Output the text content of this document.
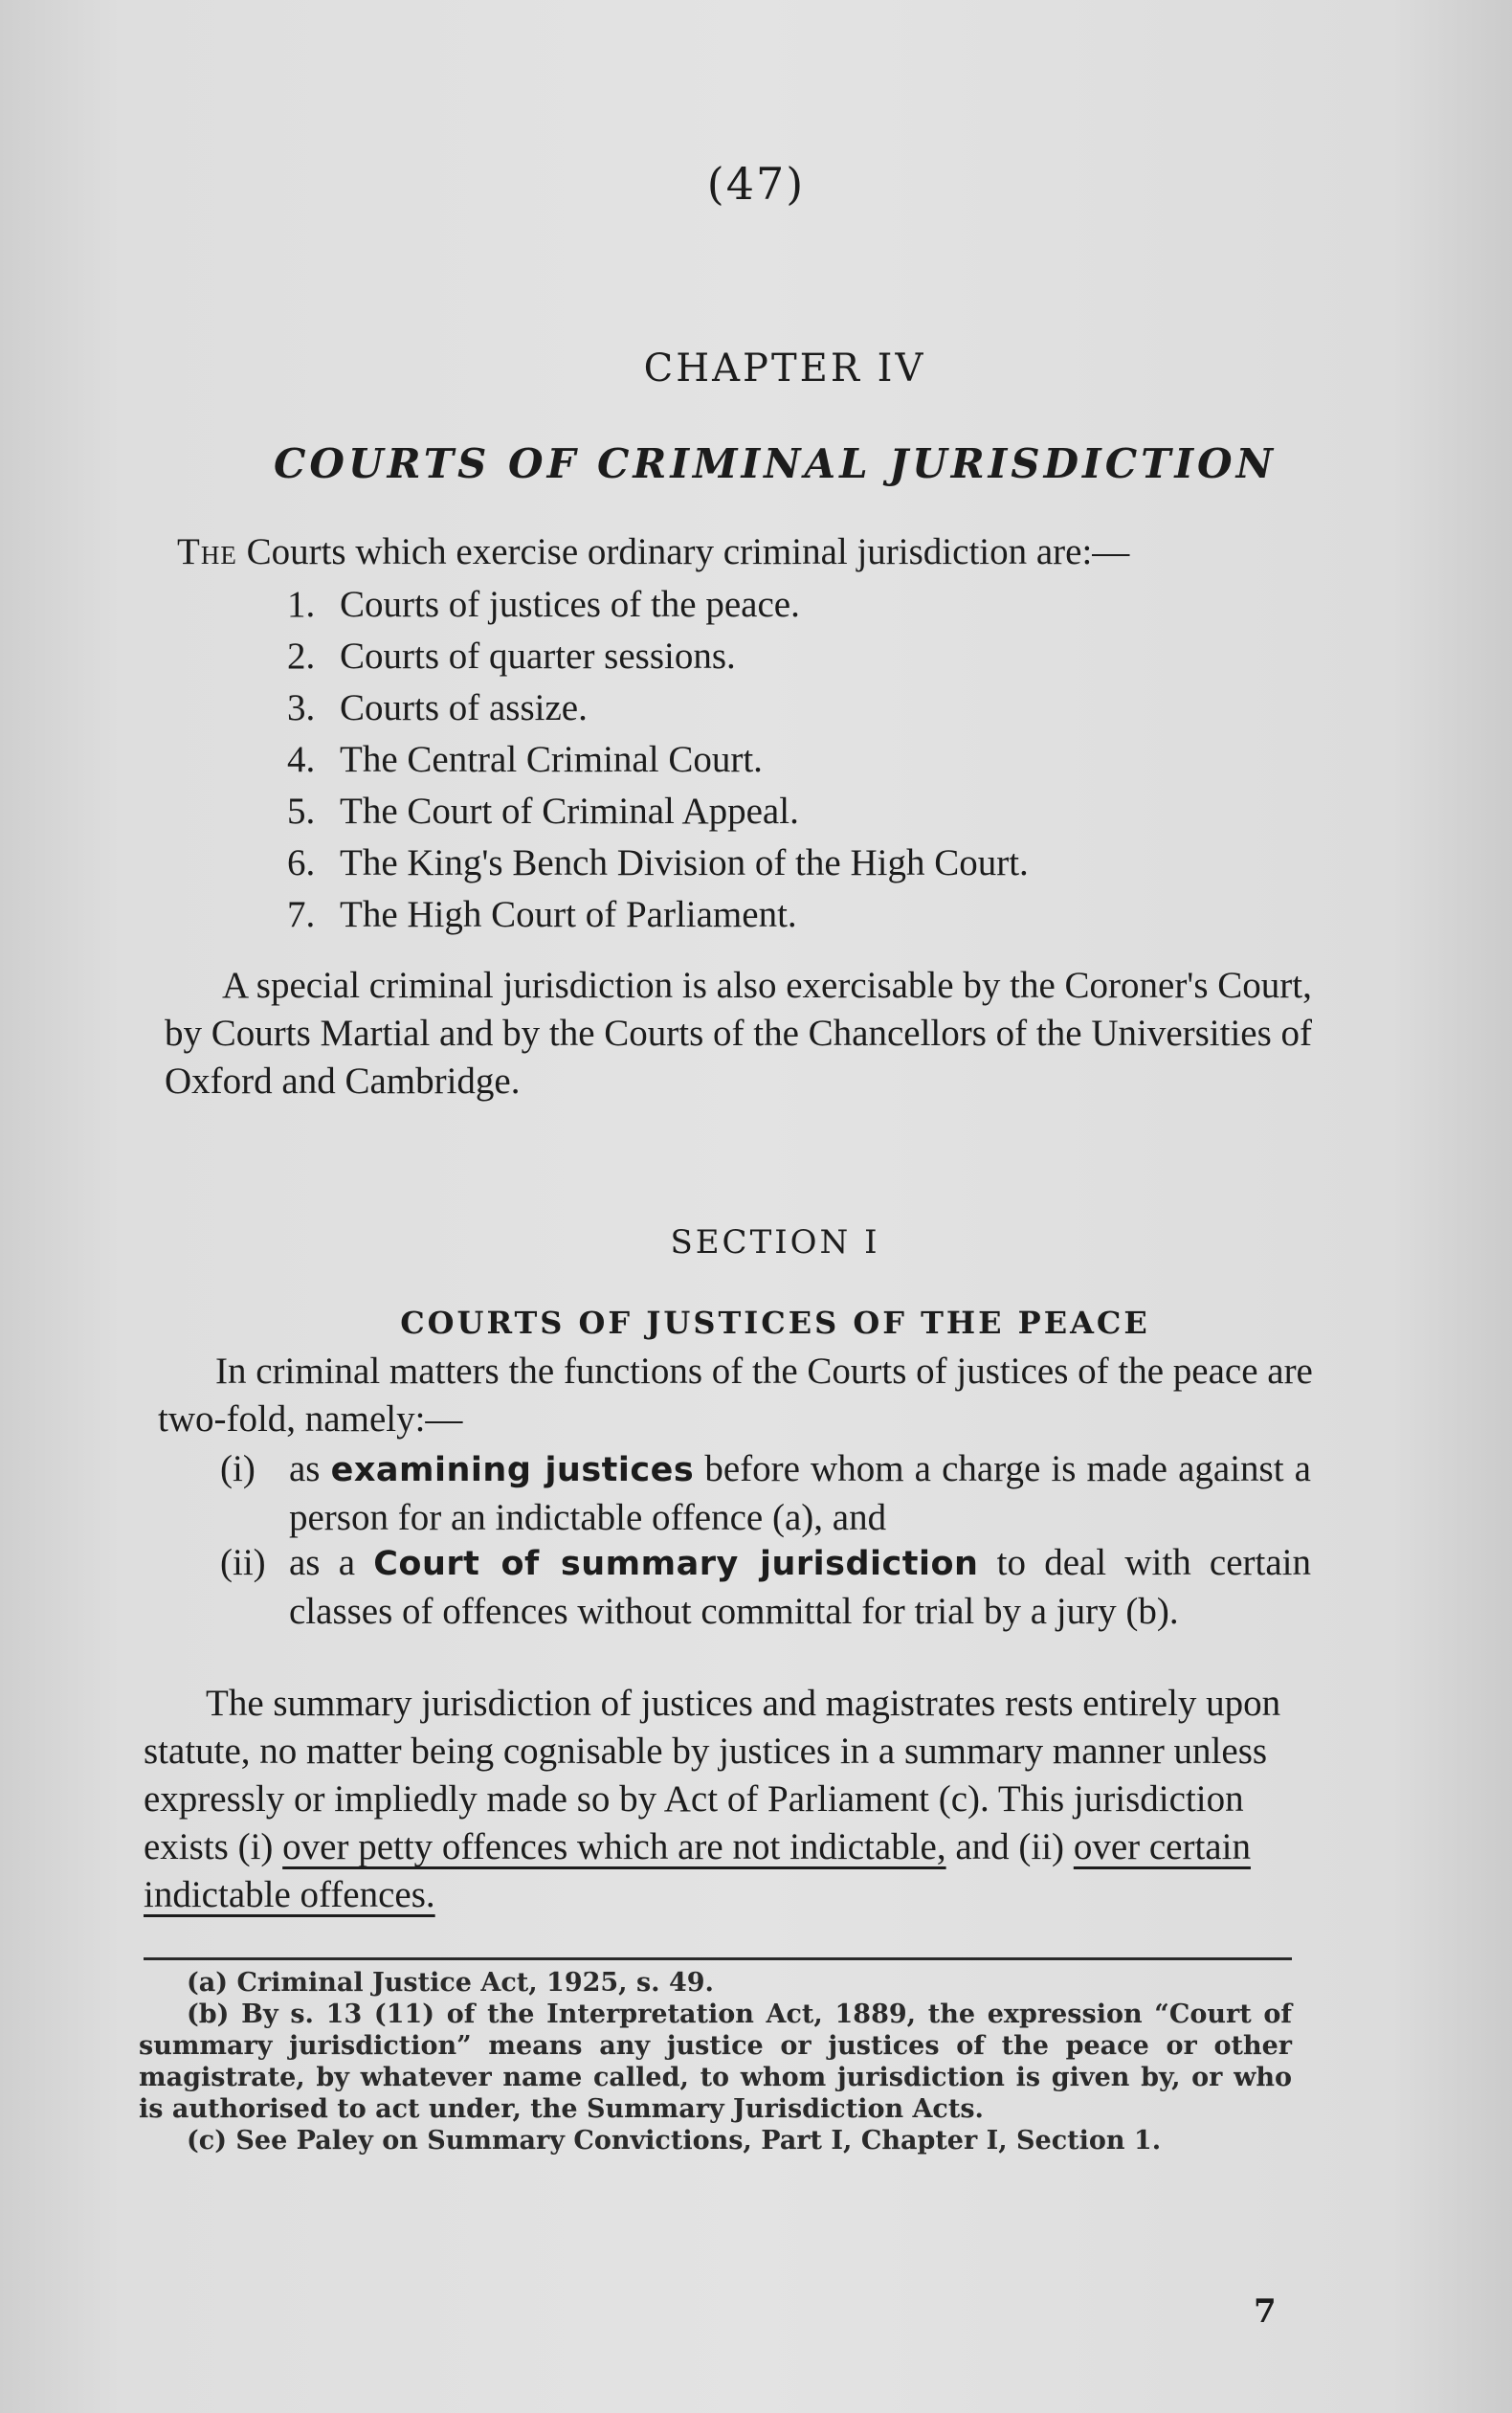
(47)
CHAPTER IV
COURTS OF CRIMINAL JURISDICTION
The Courts which exercise ordinary criminal jurisdiction are:—
1. Courts of justices of the peace.
2. Courts of quarter sessions.
3. Courts of assize.
4. The Central Criminal Court.
5. The Court of Criminal Appeal.
6. The King's Bench Division of the High Court.
7. The High Court of Parliament.
A special criminal jurisdiction is also exercisable by the Coroner's Court, by Courts Martial and by the Courts of the Chancellors of the Universities of Oxford and Cambridge.
SECTION I
COURTS OF JUSTICES OF THE PEACE
In criminal matters the functions of the Courts of justices of the peace are two-fold, namely:—
(i) as examining justices before whom a charge is made against a person for an indictable offence (a), and
(ii) as a Court of summary jurisdiction to deal with certain classes of offences without committal for trial by a jury (b).
The summary jurisdiction of justices and magistrates rests entirely upon statute, no matter being cognisable by justices in a summary manner unless expressly or impliedly made so by Act of Parliament (c). This jurisdiction exists (i) over petty offences which are not indictable, and (ii) over certain indictable offences.
(a) Criminal Justice Act, 1925, s. 49.
(b) By s. 13 (11) of the Interpretation Act, 1889, the expression “Court of summary jurisdiction” means any justice or justices of the peace or other magistrate, by whatever name called, to whom jurisdiction is given by, or who is authorised to act under, the Summary Jurisdiction Acts.
(c) See Paley on Summary Convictions, Part I, Chapter I, Section 1.
7
